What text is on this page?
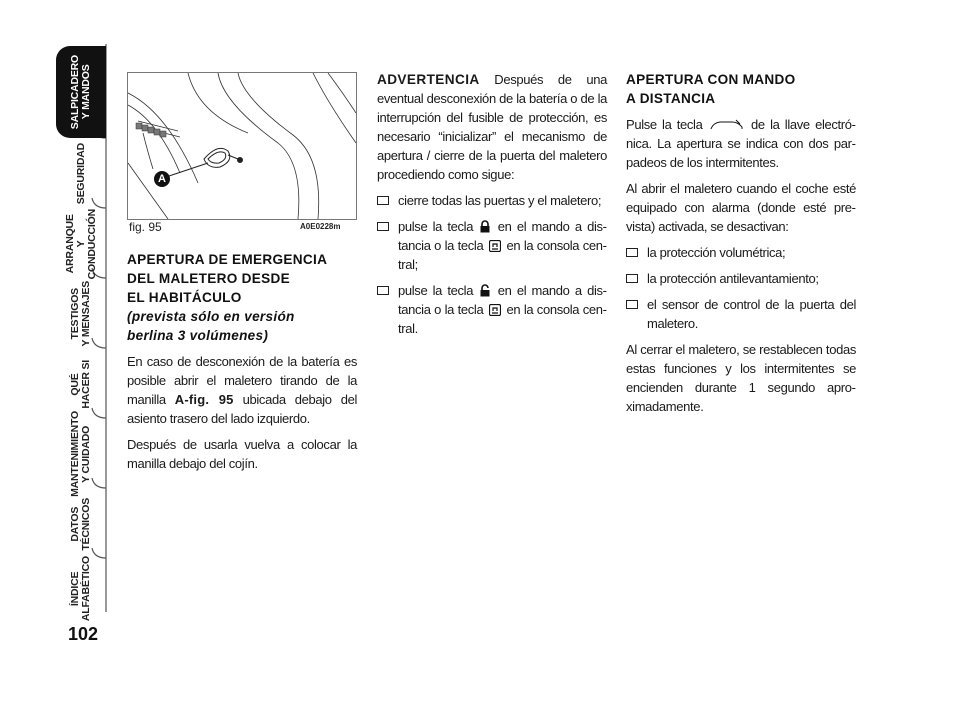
SALPICADERO
Y MANDOS
SEGURIDAD
ARRANQUE
Y CONDUCCIÓN
TESTIGOS
Y MENSAJES
QUÉ
HACER SI
MANTENIMIENTO
Y CUIDADO
DATOS
TÉCNICOS
ÍNDICE
ALFABÉTICO
102
A
fig. 95	A0E0228m
APERTURA DE EMERGENCIA
DEL MALETERO DESDE
EL HABITÁCULO
(prevista sólo en versión
berlina 3 volúmenes)

En caso de desconexión de la batería es posible abrir el maletero tirando de la manilla A-fig. 95 ubicada debajo del asiento trasero del lado izquierdo.

Después de usarla vuelva a colocar la manilla debajo del cojín.

ADVERTENCIA Después de una eventual desconexión de la batería o de la interrupción del fusible de protección, es necesario “inicializar” el mecanismo de apertura / cierre de la puerta del maletero procediendo como sigue:

cierre todas las puertas y el maletero;
pulse la tecla  en el mando a distancia o la tecla  en la consola central;
pulse la tecla  en el mando a distancia o la tecla  en la consola central.
APERTURA CON MANDO
A DISTANCIA

Pulse la tecla	de la llave electrónica. La apertura se indica con dos parpadeos de los intermitentes.

Al abrir el maletero cuando el coche esté equipado con alarma (donde esté prevista) activada, se desactivan:

la protección volumétrica;
la protección antilevantamiento;
el sensor de control de la puerta del maletero.

Al cerrar el maletero, se restablecen todas estas funciones y los intermitentes se encienden durante 1 segundo aproximadamente.
